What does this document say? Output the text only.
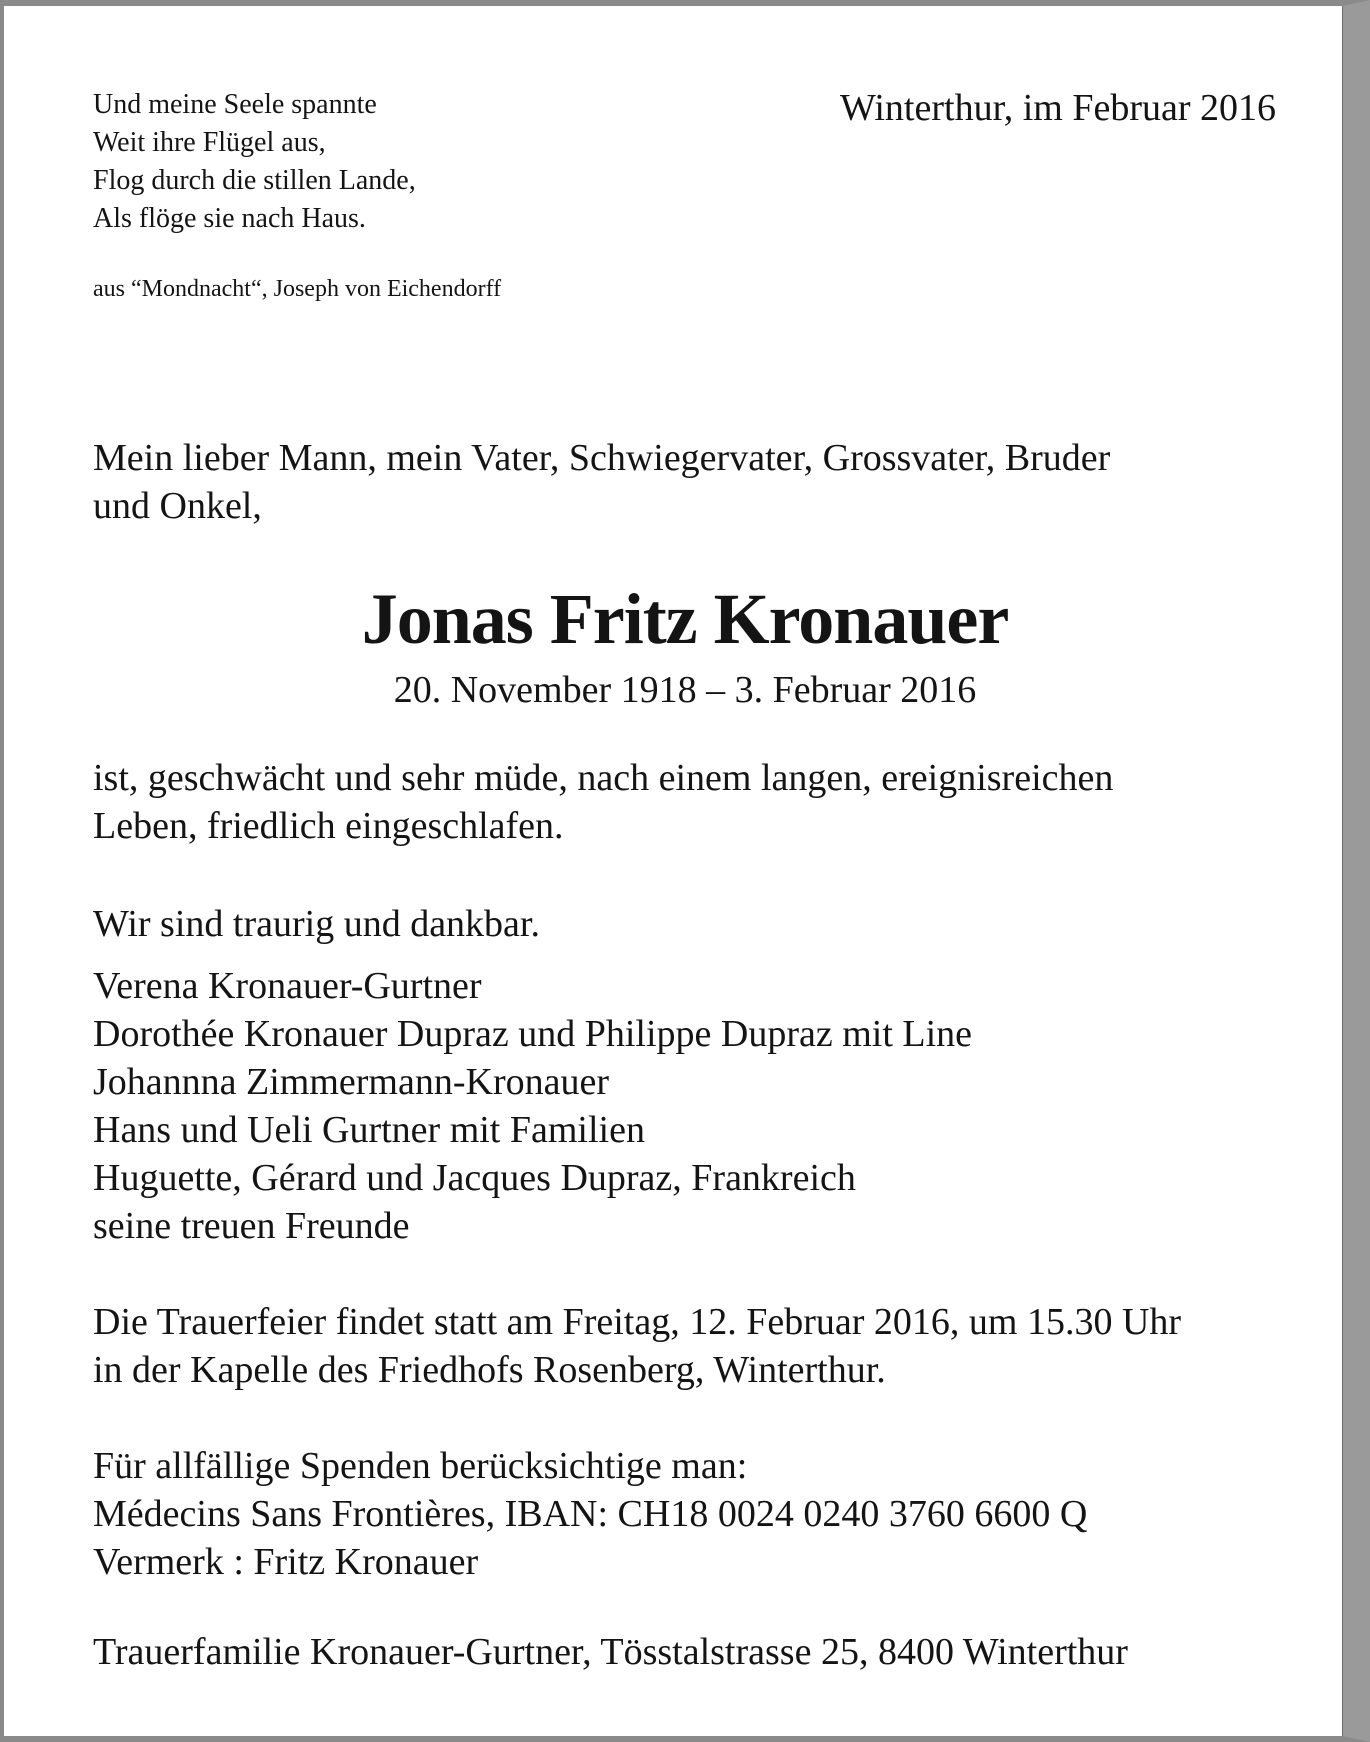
Und meine Seele spannte
Weit ihre Flügel aus,
Flog durch die stillen Lande,
Als flöge sie nach Haus.
aus “Mondnacht“, Joseph von Eichendorff
Winterthur, im Februar 2016
Mein lieber Mann, mein Vater, Schwiegervater, Grossvater, Bruder
und Onkel,
Jonas Fritz Kronauer
20. November 1918 – 3. Februar 2016
ist, geschwächt und sehr müde, nach einem langen, ereignisreichen
Leben, friedlich eingeschlafen.
Wir sind traurig und dankbar.
Verena Kronauer-Gurtner
Dorothée Kronauer Dupraz und Philippe Dupraz mit Line
Johannna Zimmermann-Kronauer
Hans und Ueli Gurtner mit Familien
Huguette, Gérard und Jacques Dupraz, Frankreich
seine treuen Freunde
Die Trauerfeier findet statt am Freitag, 12. Februar 2016, um 15.30 Uhr
in der Kapelle des Friedhofs Rosenberg, Winterthur.
Für allfällige Spenden berücksichtige man:
Médecins Sans Frontières, IBAN: CH18 0024 0240 3760 6600 Q
Vermerk : Fritz Kronauer
Trauerfamilie Kronauer-Gurtner, Tösstalstrasse 25, 8400 Winterthur
